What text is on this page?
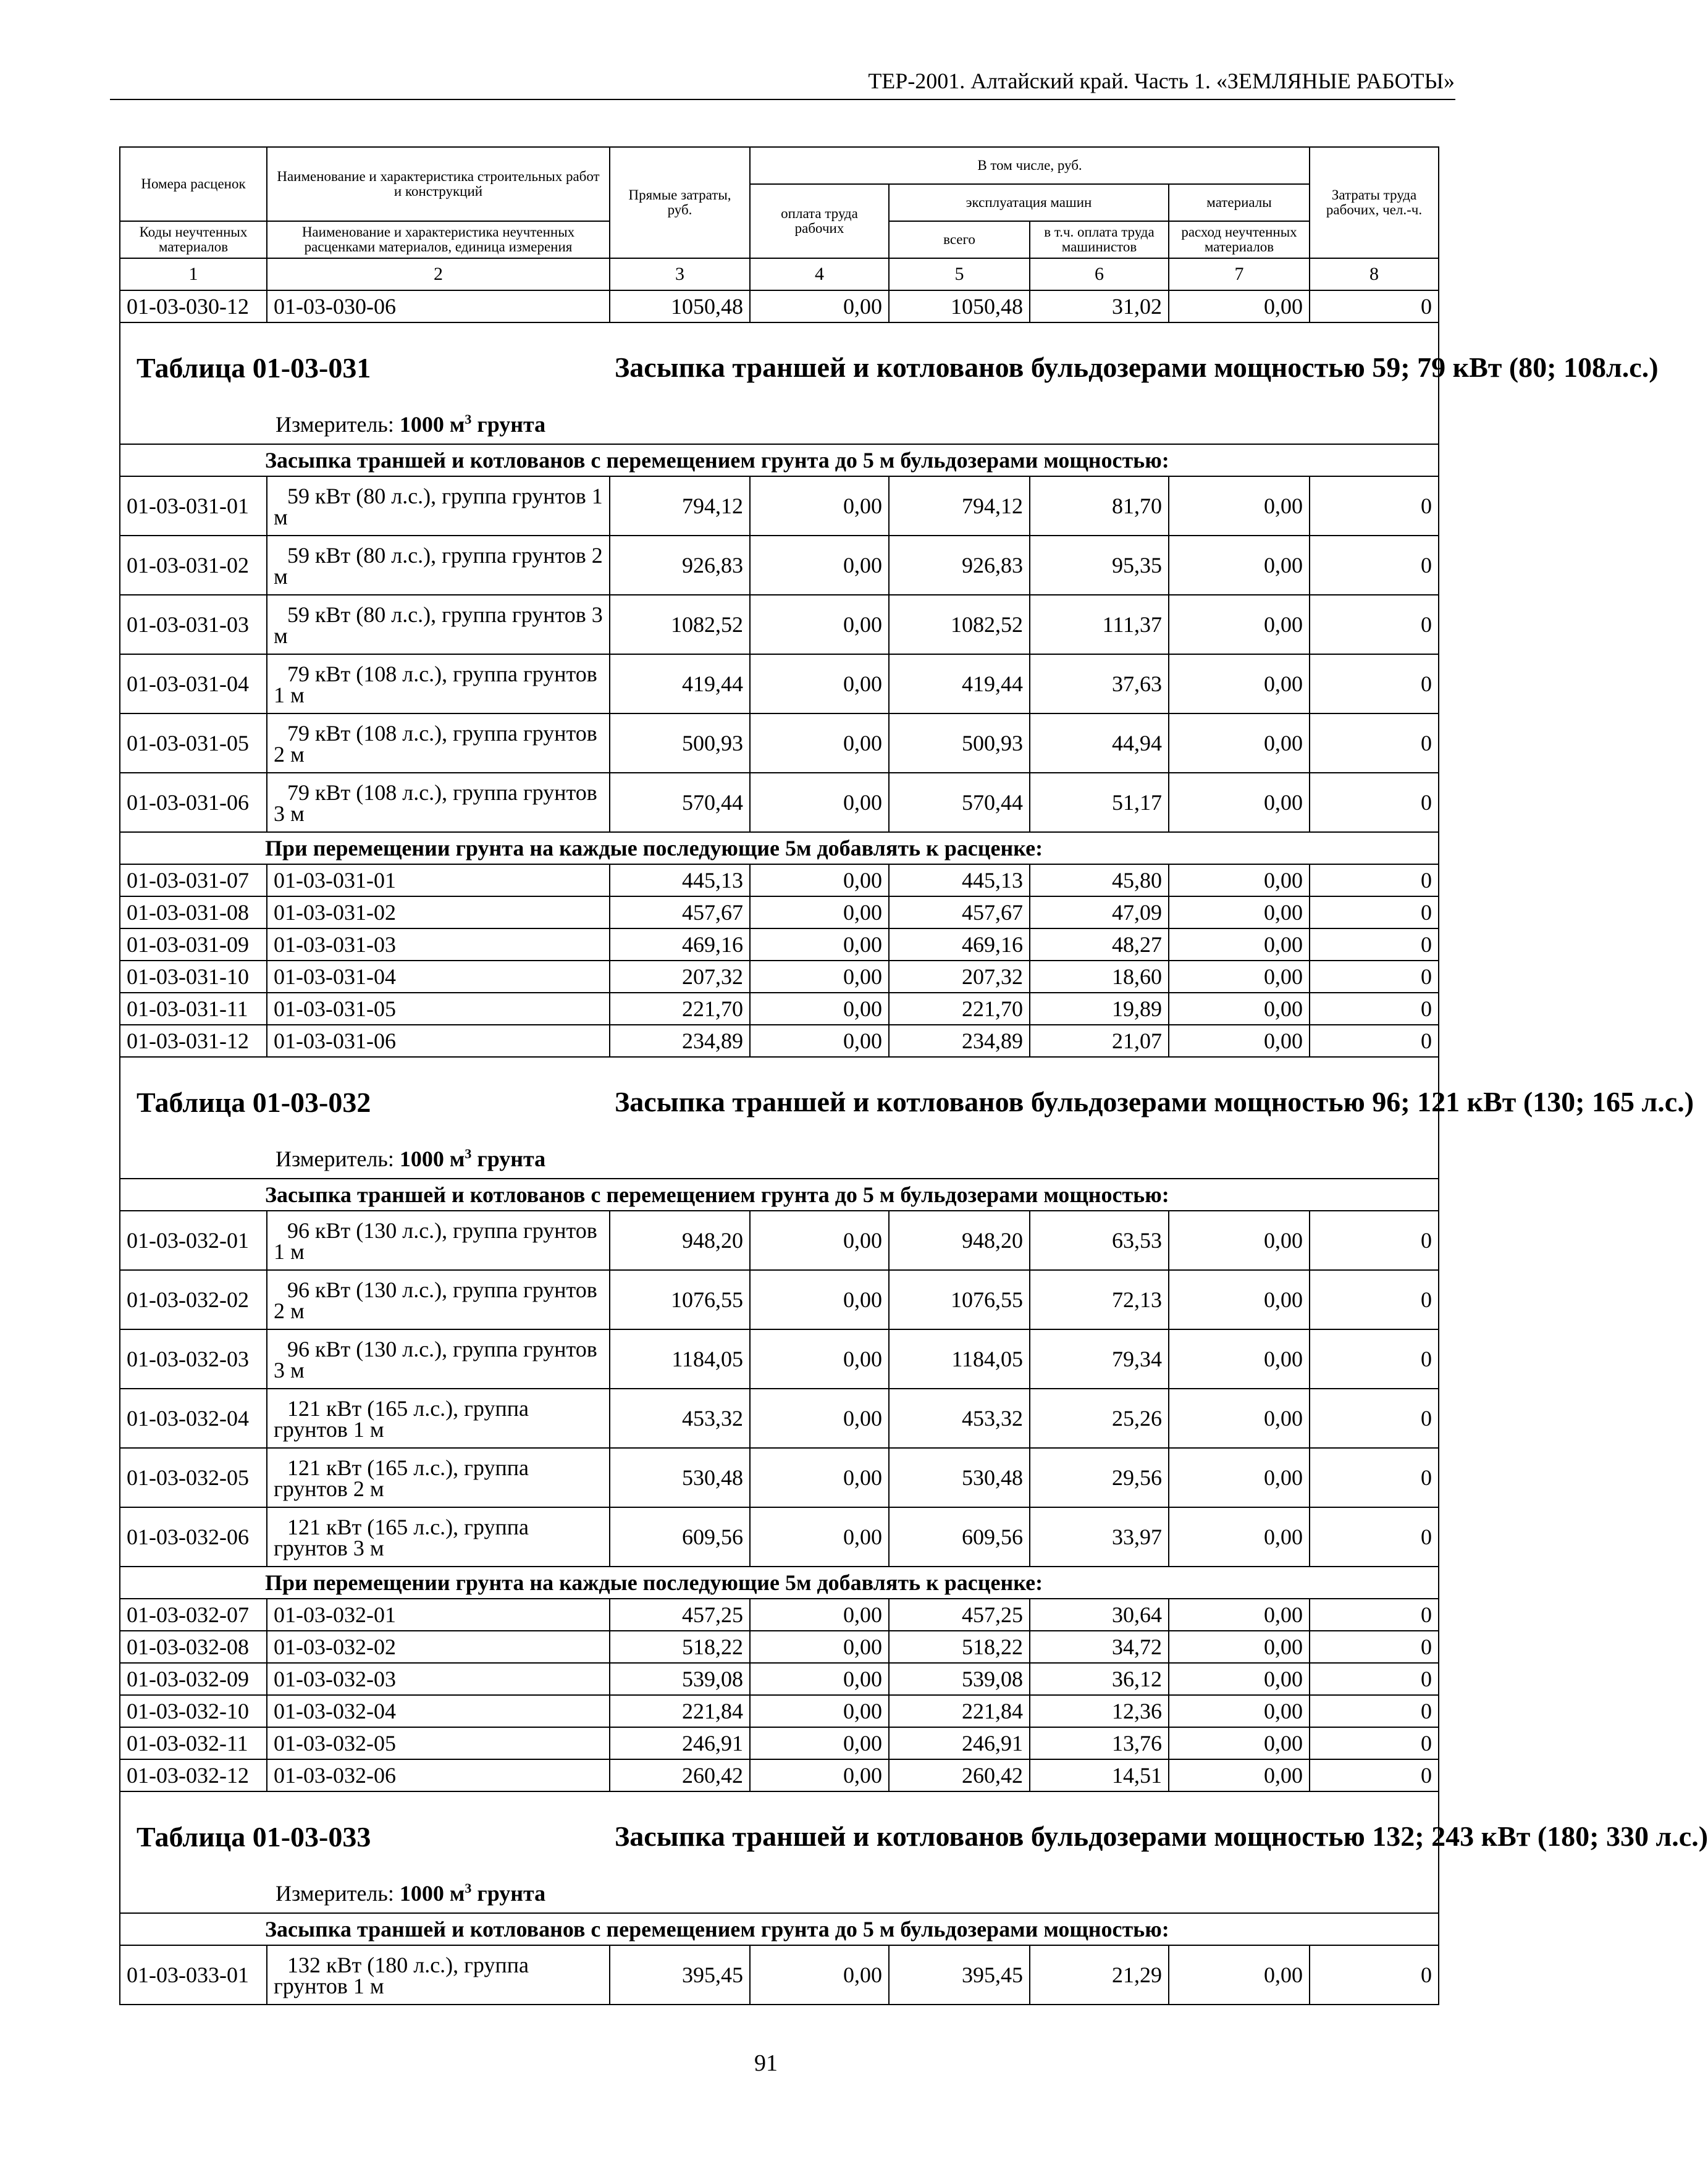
ТЕР-2001. Алтайский край. Часть 1. «ЗЕМЛЯНЫЕ РАБОТЫ»
Номера расценок	Наименование и характеристика строительных работ и конструкций	Прямые затраты, руб.	В том числе, руб.				Затраты труда рабочих, чел.-ч.
			оплата труда рабочих	эксплуатация машин		материалы	
Коды неучтенных материалов	Наименование и характеристика неучтенных расценками материалов, единица измерения			всего	в т.ч. оплата труда машинистов	расход неучтенных материалов	
1	2	3	4	5	6	7	8
01-03-030-12	01-03-030-06	1050,48	0,00	1050,48	31,02	0,00	0

Таблица 01-03-031 Засыпка траншей и котлованов бульдозерами мощностью 59; 79 кВт (80; 108л.с.)
Измеритель: 1000 $м^3$ грунта							

Засыпка траншей и котлованов с перемещением грунта до 5 м бульдозерами мощностью:							
01-03-031-01	59 кВт (80 л.с.), группа грунтов 1 м	794,12	0,00	794,12	81,70	0,00	0
01-03-031-02	59 кВт (80 л.с.), группа грунтов 2 м	926,83	0,00	926,83	95,35	0,00	0
01-03-031-03	59 кВт (80 л.с.), группа грунтов 3 м	1082,52	0,00	1082,52	111,37	0,00	0
01-03-031-04	79 кВт (108 л.с.), группа грунтов 1 м	419,44	0,00	419,44	37,63	0,00	0
01-03-031-05	79 кВт (108 л.с.), группа грунтов 2 м	500,93	0,00	500,93	44,94	0,00	0
01-03-031-06	79 кВт (108 л.с.), группа грунтов 3 м	570,44	0,00	570,44	51,17	0,00	0
При перемещении грунта на каждые последующие 5м добавлять к расценке:							
01-03-031-07	01-03-031-01	445,13	0,00	445,13	45,80	0,00	0
01-03-031-08	01-03-031-02	457,67	0,00	457,67	47,09	0,00	0
01-03-031-09	01-03-031-03	469,16	0,00	469,16	48,27	0,00	0
01-03-031-10	01-03-031-04	207,32	0,00	207,32	18,60	0,00	0
01-03-031-11	01-03-031-05	221,70	0,00	221,70	19,89	0,00	0
01-03-031-12	01-03-031-06	234,89	0,00	234,89	21,07	0,00	0

Таблица 01-03-032 Засыпка траншей и котлованов бульдозерами мощностью 96; 121 кВт (130; 165 л.с.)
Измеритель: 1000 $м^3$ грунта							

Засыпка траншей и котлованов с перемещением грунта до 5 м бульдозерами мощностью:							
01-03-032-01	96 кВт (130 л.с.), группа грунтов 1 м	948,20	0,00	948,20	63,53	0,00	0
01-03-032-02	96 кВт (130 л.с.), группа грунтов 2 м	1076,55	0,00	1076,55	72,13	0,00	0
01-03-032-03	96 кВт (130 л.с.), группа грунтов 3 м	1184,05	0,00	1184,05	79,34	0,00	0
01-03-032-04	121 кВт (165 л.с.), группа грунтов 1 м	453,32	0,00	453,32	25,26	0,00	0
01-03-032-05	121 кВт (165 л.с.), группа грунтов 2 м	530,48	0,00	530,48	29,56	0,00	0
01-03-032-06	121 кВт (165 л.с.), группа грунтов 3 м	609,56	0,00	609,56	33,97	0,00	0
При перемещении грунта на каждые последующие 5м добавлять к расценке:							
01-03-032-07	01-03-032-01	457,25	0,00	457,25	30,64	0,00	0
01-03-032-08	01-03-032-02	518,22	0,00	518,22	34,72	0,00	0
01-03-032-09	01-03-032-03	539,08	0,00	539,08	36,12	0,00	0
01-03-032-10	01-03-032-04	221,84	0,00	221,84	12,36	0,00	0
01-03-032-11	01-03-032-05	246,91	0,00	246,91	13,76	0,00	0
01-03-032-12	01-03-032-06	260,42	0,00	260,42	14,51	0,00	0

Таблица 01-03-033 Засыпка траншей и котлованов бульдозерами мощностью 132; 243 кВт (180; 330 л.с.)
Измеритель: 1000 $м^3$ грунта							

Засыпка траншей и котлованов с перемещением грунта до 5 м бульдозерами мощностью:							
01-03-033-01	132 кВт (180 л.с.), группа грунтов 1 м	395,45	0,00	395,45	21,29	0,00	0
91
